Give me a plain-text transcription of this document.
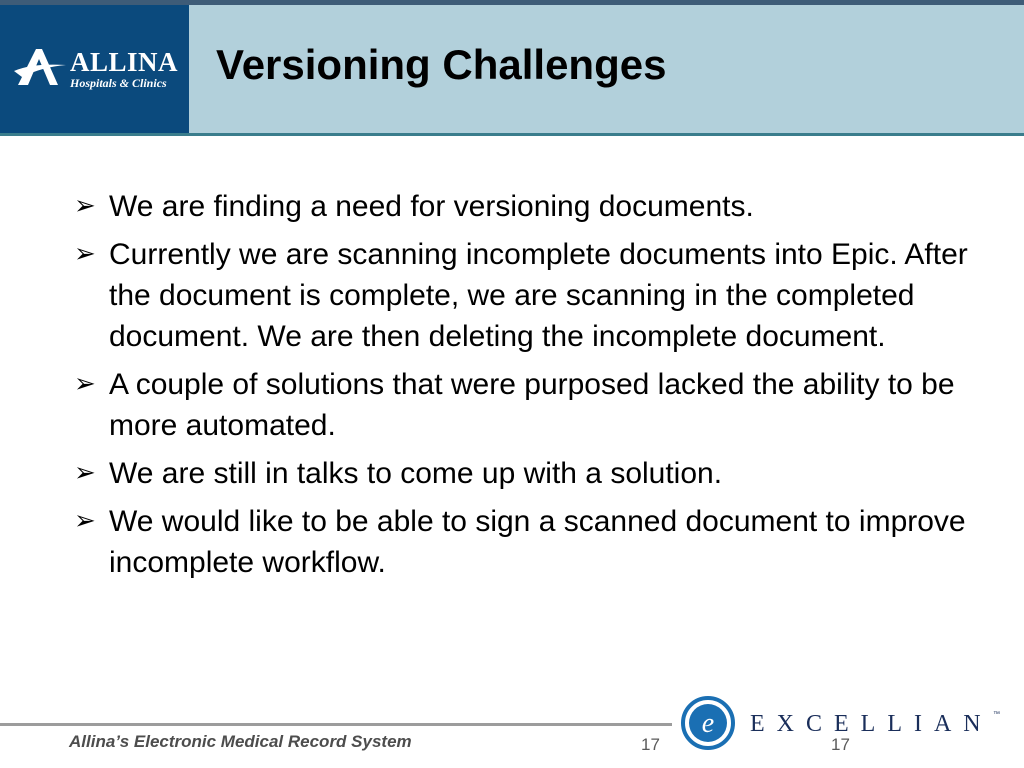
ALLINA
Hospitals & Clinics Versioning Challenges
➢ We are finding a need for versioning documents.
➢ Currently we are scanning incomplete documents into Epic. After the document is complete, we are scanning in the completed document. We are then deleting the incomplete document.
➢ A couple of solutions that were purposed lacked the ability to be more automated.
➢ We are still in talks to come up with a solution.
➢ We would like to be able to sign a scanned document to improve incomplete workflow.
Allina’s Electronic Medical Record System	17
e EXCELLIAN ™
17
